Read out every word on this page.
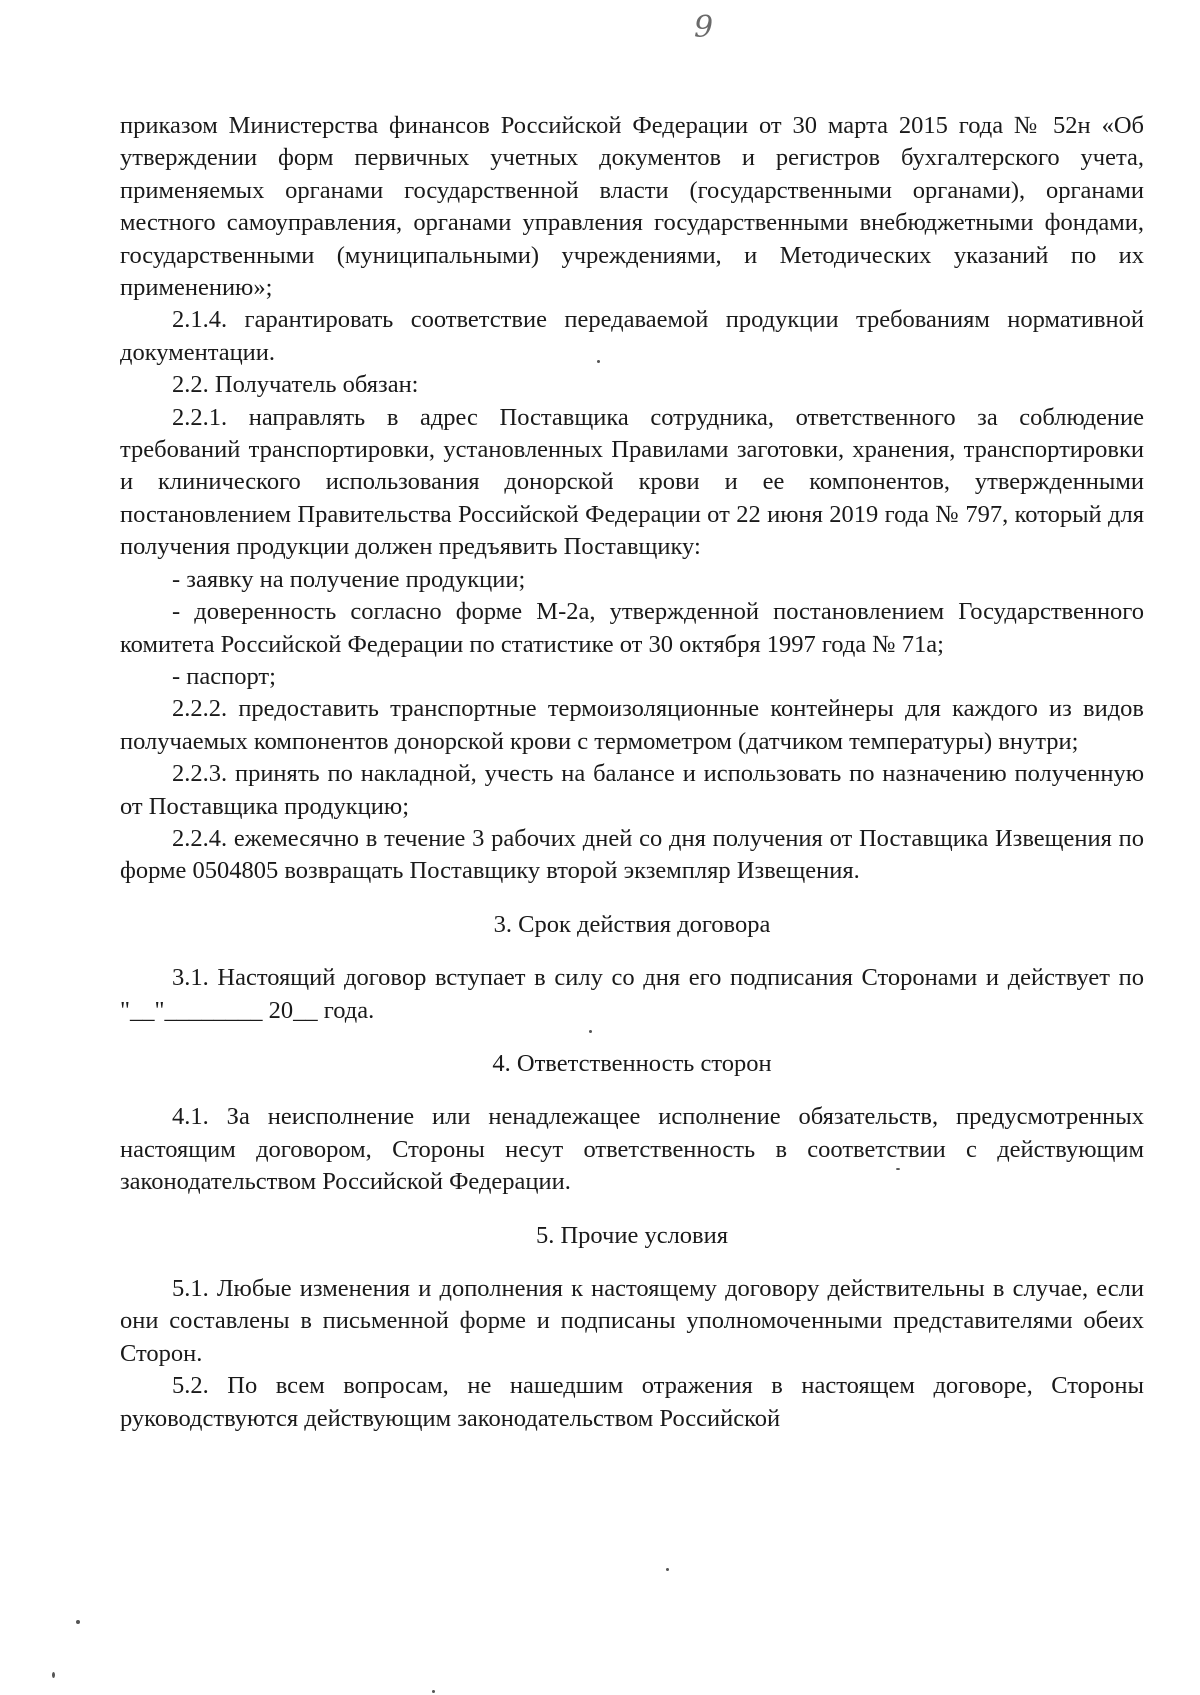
9

приказом Министерства финансов Российской Федерации от 30 марта 2015 года № 52н «Об утверждении форм первичных учетных документов и регистров бухгалтерского учета, применяемых органами государственной власти (государственными органами), органами местного самоуправления, органами управления государственными внебюджетными фондами, государственными (муниципальными) учреждениями, и Методических указаний по их применению»;

2.1.4. гарантировать соответствие передаваемой продукции требованиям нормативной документации.

2.2. Получатель обязан:

2.2.1. направлять в адрес Поставщика сотрудника, ответственного за соблюдение требований транспортировки, установленных Правилами заготовки, хранения, транспортировки и клинического использования донорской крови и ее компонентов, утвержденными постановлением Правительства Российской Федерации от 22 июня 2019 года № 797, который для получения продукции должен предъявить Поставщику:

- заявку на получение продукции;

- доверенность согласно форме М-2а, утвержденной постановлением Государственного комитета Российской Федерации по статистике от 30 октября 1997 года № 71а;

- паспорт;

2.2.2. предоставить транспортные термоизоляционные контейнеры для каждого из видов получаемых компонентов донорской крови с термометром (датчиком температуры) внутри;

2.2.3. принять по накладной, учесть на балансе и использовать по назначению полученную от Поставщика продукцию;

2.2.4. ежемесячно в течение 3 рабочих дней со дня получения от Поставщика Извещения по форме 0504805 возвращать Поставщику второй экземпляр Извещения.

3. Срок действия договора

3.1. Настоящий договор вступает в силу со дня его подписания Сторонами и действует по "__"________ 20__ года.

4. Ответственность сторон

4.1. За неисполнение или ненадлежащее исполнение обязательств, предусмотренных настоящим договором, Стороны несут ответственность в соответствии с действующим законодательством Российской Федерации.

5. Прочие условия

5.1. Любые изменения и дополнения к настоящему договору действительны в случае, если они составлены в письменной форме и подписаны уполномоченными представителями обеих Сторон.

5.2. По всем вопросам, не нашедшим отражения в настоящем договоре, Стороны руководствуются действующим законодательством Российской
